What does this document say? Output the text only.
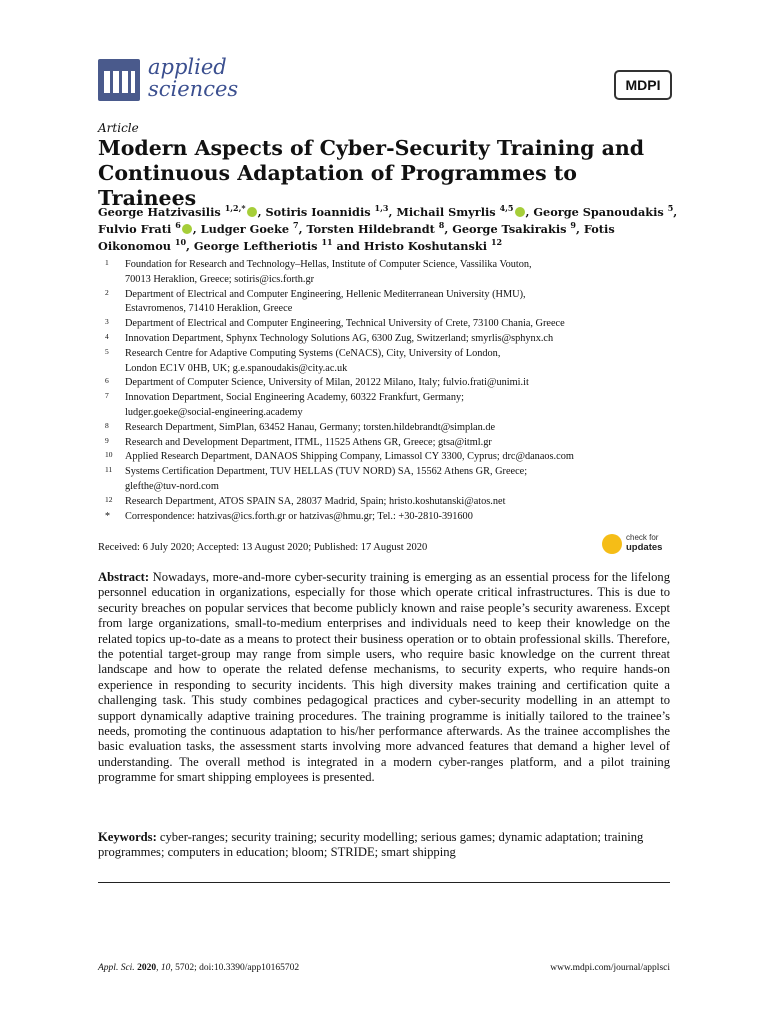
applied
sciences	MDPI
Article
Modern Aspects of Cyber-Security Training and
Continuous Adaptation of Programmes to Trainees
George Hatzivasilis $^{1,2,*}$ , Sotiris Ioannidis $^{1,3}$, Michail Smyrlis $^{4,5}$ , George Spanoudakis $^5$, Fulvio Frati $^6$ , Ludger Goeke $^7$, Torsten Hildebrandt $^8$, George Tsakirakis $^9$, Fotis Oikonomou $^{10}$, George Leftheriotis $^{11}$ and Hristo Koshutanski $^{12}$
1 Foundation for Research and Technology–Hellas, Institute of Computer Science, Vassilika Vouton,
70013 Heraklion, Greece; sotiris@ics.forth.gr
2 Department of Electrical and Computer Engineering, Hellenic Mediterranean University (HMU),
Estavromenos, 71410 Heraklion, Greece
3 Department of Electrical and Computer Engineering, Technical University of Crete, 73100 Chania, Greece
4 Innovation Department, Sphynx Technology Solutions AG, 6300 Zug, Switzerland; smyrlis@sphynx.ch
5 Research Centre for Adaptive Computing Systems (CeNACS), City, University of London,
London EC1V 0HB, UK; g.e.spanoudakis@city.ac.uk
6 Department of Computer Science, University of Milan, 20122 Milano, Italy; fulvio.frati@unimi.it
7 Innovation Department, Social Engineering Academy, 60322 Frankfurt, Germany;
ludger.goeke@social-engineering.academy
8 Research Department, SimPlan, 63452 Hanau, Germany; torsten.hildebrandt@simplan.de
9 Research and Development Department, ITML, 11525 Athens GR, Greece; gtsa@itml.gr
10 Applied Research Department, DANAOS Shipping Company, Limassol CY 3300, Cyprus; drc@danaos.com
11 Systems Certification Department, TUV HELLAS (TUV NORD) SA, 15562 Athens GR, Greece;
glefthe@tuv-nord.com
12 Research Department, ATOS SPAIN SA, 28037 Madrid, Spain; hristo.koshutanski@atos.net
* Correspondence: hatzivas@ics.forth.gr or hatzivas@hmu.gr; Tel.: +30-2810-391600
Received: 6 July 2020; Accepted: 13 August 2020; Published: 17 August 2020
check for
updates
Abstract: Nowadays, more-and-more cyber-security training is emerging as an essential process for the lifelong personnel education in organizations, especially for those which operate critical infrastructures. This is due to security breaches on popular services that become publicly known and raise people’s security awareness. Except from large organizations, small-to-medium enterprises and individuals need to keep their knowledge on the related topics up-to-date as a means to protect their business operation or to obtain professional skills. Therefore, the potential target-group may range from simple users, who require basic knowledge on the current threat landscape and how to operate the related defense mechanisms, to security experts, who require hands-on experience in responding to security incidents. This high diversity makes training and certification quite a challenging task. This study combines pedagogical practices and cyber-security modelling in an attempt to support dynamically adaptive training procedures. The training programme is initially tailored to the trainee’s needs, promoting the continuous adaptation to his/her performance afterwards. As the trainee accomplishes the basic evaluation tasks, the assessment starts involving more advanced features that demand a higher level of understanding. The overall method is integrated in a modern cyber-ranges platform, and a pilot training programme for smart shipping employees is presented.
Keywords: cyber-ranges; security training; security modelling; serious games; dynamic adaptation; training programmes; computers in education; bloom; STRIDE; smart shipping
Appl. Sci. 2020, 10, 5702; doi:10.3390/app10165702	www.mdpi.com/journal/applsci
